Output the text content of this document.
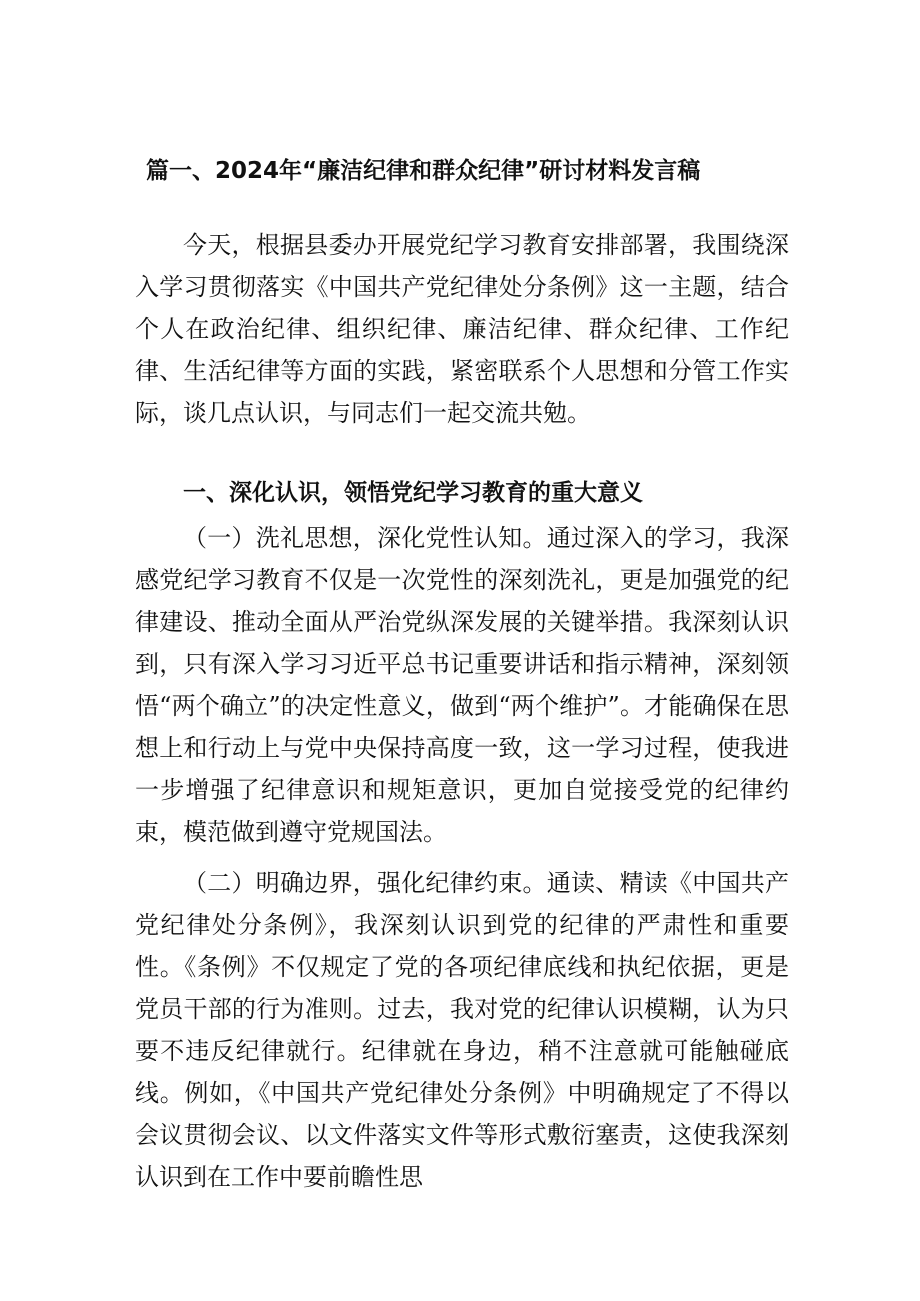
篇一、2024年“廉洁纪律和群众纪律”研讨材料发言稿

今天，根据县委办开展党纪学习教育安排部署，我围绕深入学习贯彻落实《中国共产党纪律处分条例》这一主题，结合个人在政治纪律、组织纪律、廉洁纪律、群众纪律、工作纪律、生活纪律等方面的实践，紧密联系个人思想和分管工作实际，谈几点认识，与同志们一起交流共勉。

一、深化认识，领悟党纪学习教育的重大意义

（一）洗礼思想，深化党性认知。通过深入的学习，我深感党纪学习教育不仅是一次党性的深刻洗礼，更是加强党的纪律建设、推动全面从严治党纵深发展的关键举措。我深刻认识到，只有深入学习习近平总书记重要讲话和指示精神，深刻领悟“两个确立”的决定性意义，做到“两个维护”。才能确保在思想上和行动上与党中央保持高度一致，这一学习过程，使我进一步增强了纪律意识和规矩意识，更加自觉接受党的纪律约束，模范做到遵守党规国法。

（二）明确边界，强化纪律约束。通读、精读《中国共产党纪律处分条例》，我深刻认识到党的纪律的严肃性和重要性。《条例》不仅规定了党的各项纪律底线和执纪依据，更是党员干部的行为准则。过去，我对党的纪律认识模糊，认为只要不违反纪律就行。纪律就在身边，稍不注意就可能触碰底线。例如，《中国共产党纪律处分条例》中明确规定了不得以会议贯彻会议、以文件落实文件等形式敷衍塞责，这使我深刻认识到在工作中要前瞻性思
